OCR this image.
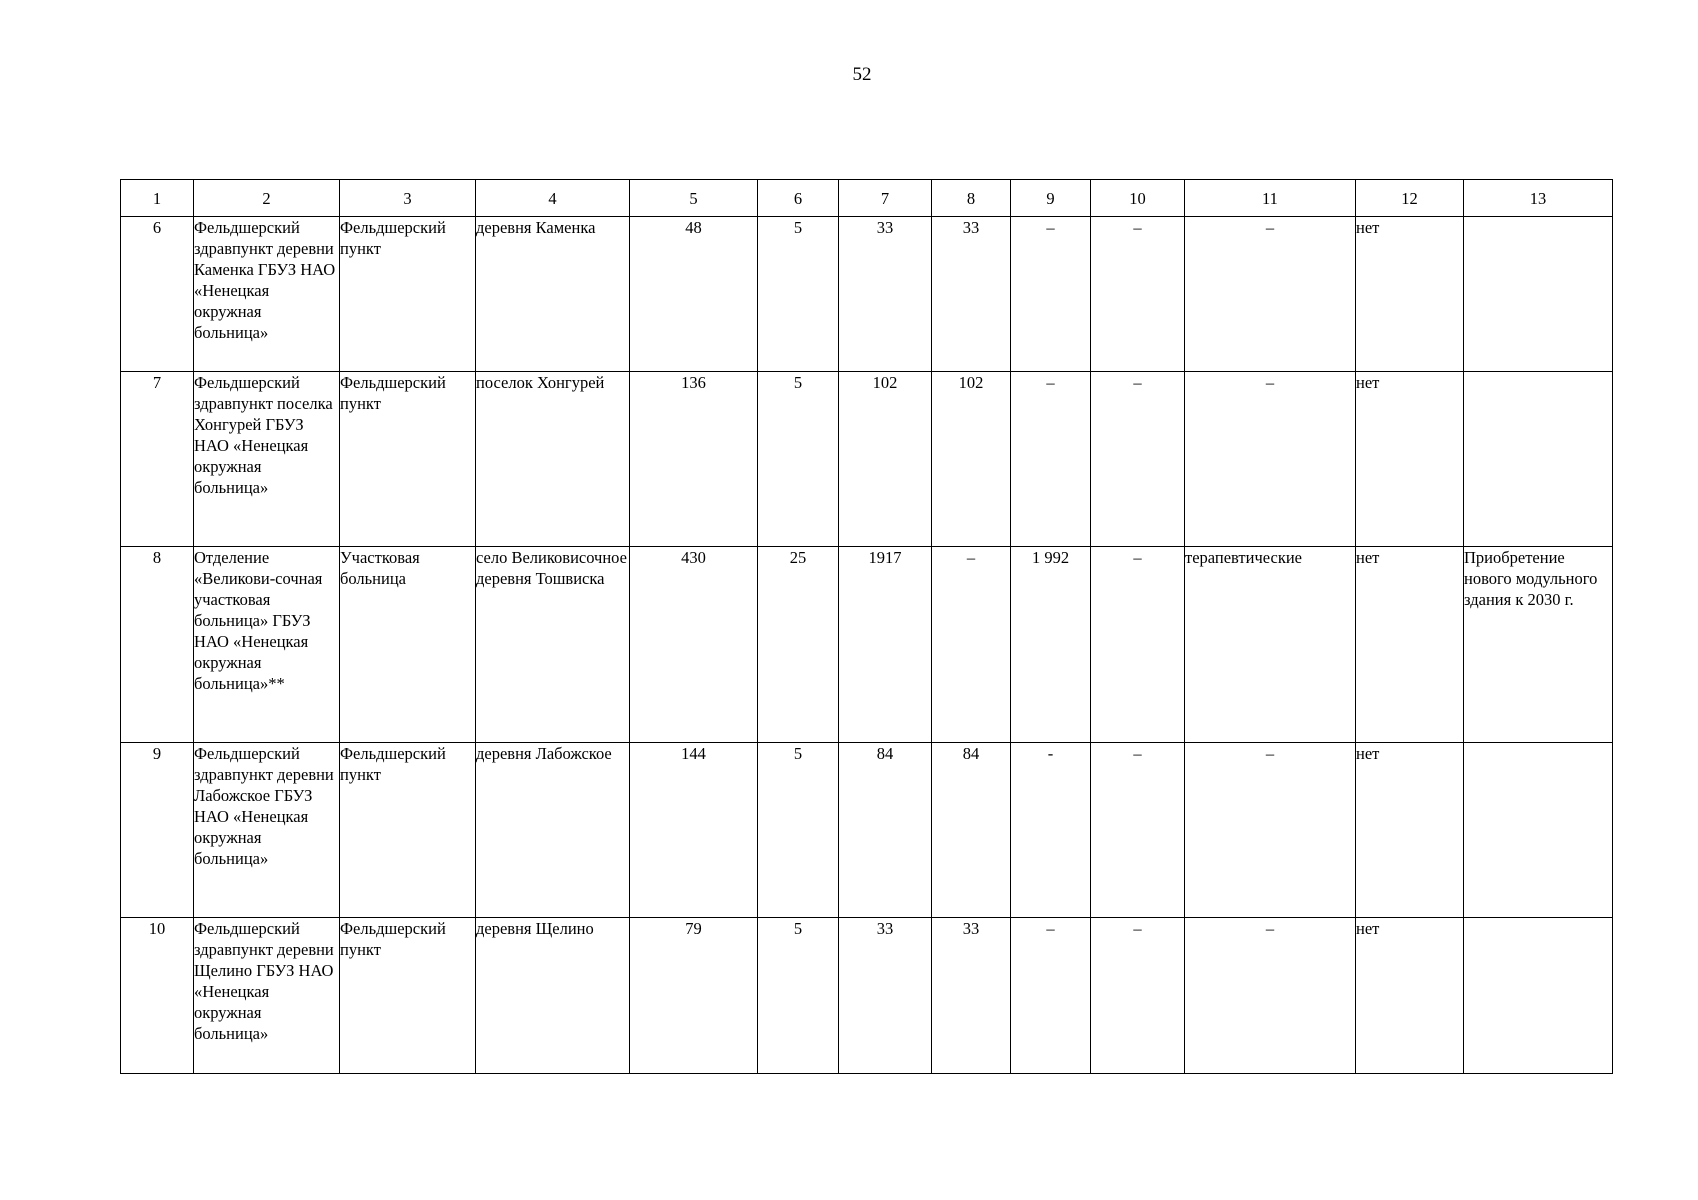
52
1	2	3	4	5	6	7	8	9	10	11	12	13
6	Фельдшерский здравпункт деревни Каменка ГБУЗ НАО «Ненецкая окружная больница»	Фельдшерский пункт	деревня Каменка	48	5	33	33	–	–	–	нет	
7	Фельдшерский здравпункт поселка Хонгурей ГБУЗ НАО «Ненецкая окружная больница»	Фельдшерский пункт	поселок Хонгурей	136	5	102	102	–	–	–	нет	
8	Отделение «Великови-сочная участковая больница» ГБУЗ НАО «Ненецкая окружная больница»**	Участковая больница	село Великовисочное деревня Тошвиска	430	25	1917	–	1 992	–	терапевтические	нет	Приобретение нового модульного здания к 2030 г.
9	Фельдшерский здравпункт деревни Лабожское ГБУЗ НАО «Ненецкая окружная больница»	Фельдшерский пункт	деревня Лабожское	144	5	84	84	-	–	–	нет	
10	Фельдшерский здравпункт деревни Щелино ГБУЗ НАО «Ненецкая окружная больница»	Фельдшерский пункт	деревня Щелино	79	5	33	33	–	–	–	нет	
